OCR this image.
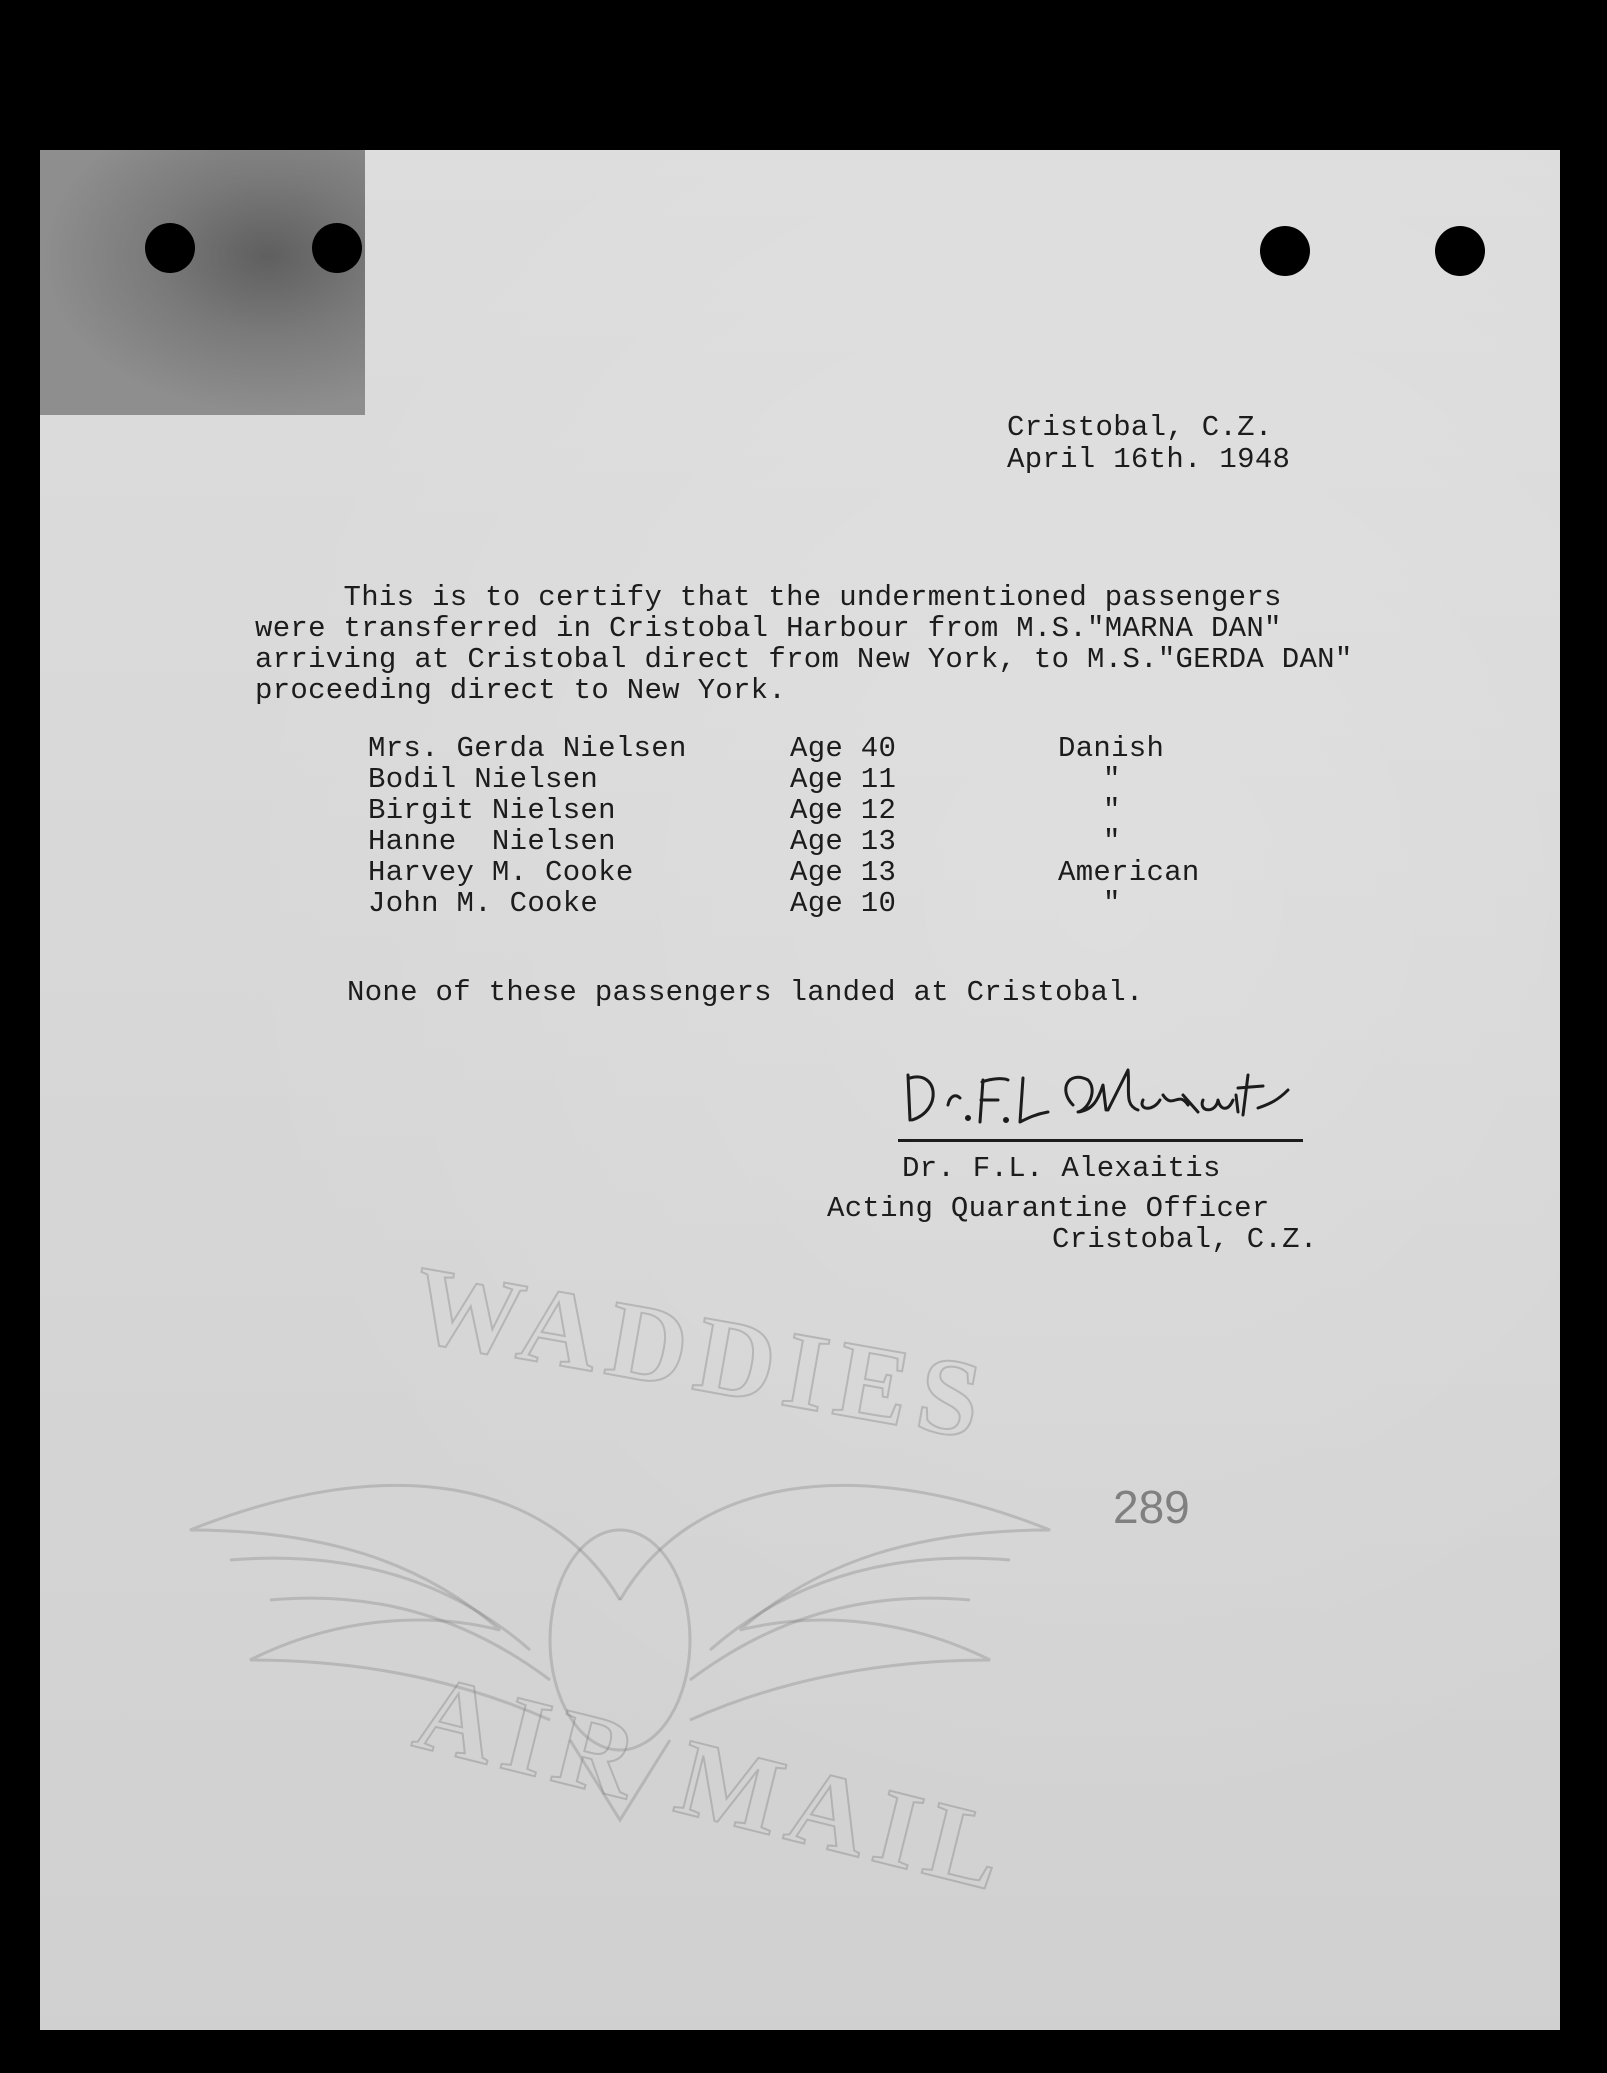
WADDIES
AIR MAIL
Cristobal, C.Z.
April 16th. 1948
This is to certify that the undermentioned passengers
were transferred in Cristobal Harbour from M.S."MARNA DAN"
arriving at Cristobal direct from New York, to M.S."GERDA DAN"
proceeding direct to New York.
Mrs. Gerda Nielsen	Age 40	Danish
Bodil Nielsen	Age 11	"
Birgit Nielsen	Age 12	"
Hanne  Nielsen	Age 13	"
Harvey M. Cooke	Age 13	American
John M. Cooke	Age 10	"
None of these passengers landed at Cristobal.
Dr. F.L. Alexaitis
Acting Quarantine Officer
Cristobal, C.Z.
289
